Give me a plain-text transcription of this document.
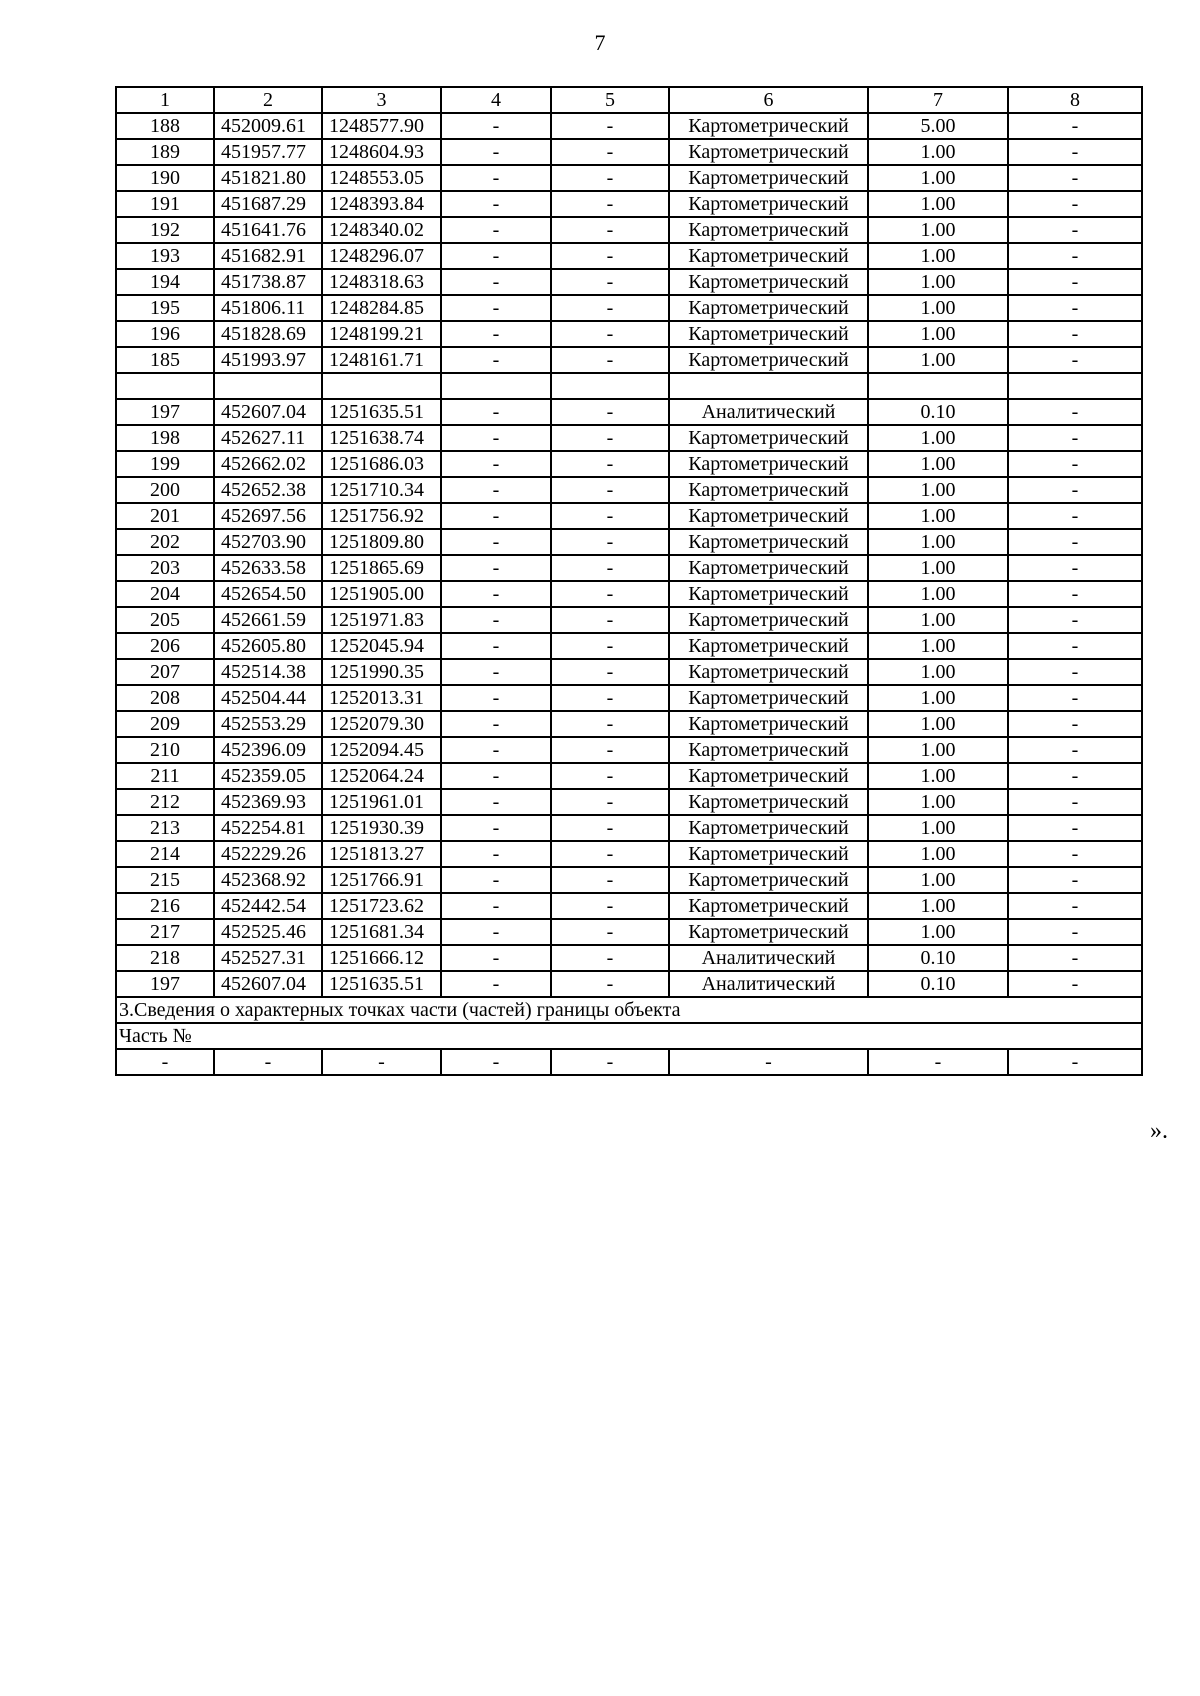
7
1	2	3	4	5	6	7	8
188	452009.61	1248577.90	-	-	Картометрический	5.00	-
189	451957.77	1248604.93	-	-	Картометрический	1.00	-
190	451821.80	1248553.05	-	-	Картометрический	1.00	-
191	451687.29	1248393.84	-	-	Картометрический	1.00	-
192	451641.76	1248340.02	-	-	Картометрический	1.00	-
193	451682.91	1248296.07	-	-	Картометрический	1.00	-
194	451738.87	1248318.63	-	-	Картометрический	1.00	-
195	451806.11	1248284.85	-	-	Картометрический	1.00	-
196	451828.69	1248199.21	-	-	Картометрический	1.00	-
185	451993.97	1248161.71	-	-	Картометрический	1.00	-

197	452607.04	1251635.51	-	-	Аналитический	0.10	-
198	452627.11	1251638.74	-	-	Картометрический	1.00	-
199	452662.02	1251686.03	-	-	Картометрический	1.00	-
200	452652.38	1251710.34	-	-	Картометрический	1.00	-
201	452697.56	1251756.92	-	-	Картометрический	1.00	-
202	452703.90	1251809.80	-	-	Картометрический	1.00	-
203	452633.58	1251865.69	-	-	Картометрический	1.00	-
204	452654.50	1251905.00	-	-	Картометрический	1.00	-
205	452661.59	1251971.83	-	-	Картометрический	1.00	-
206	452605.80	1252045.94	-	-	Картометрический	1.00	-
207	452514.38	1251990.35	-	-	Картометрический	1.00	-
208	452504.44	1252013.31	-	-	Картометрический	1.00	-
209	452553.29	1252079.30	-	-	Картометрический	1.00	-
210	452396.09	1252094.45	-	-	Картометрический	1.00	-
211	452359.05	1252064.24	-	-	Картометрический	1.00	-
212	452369.93	1251961.01	-	-	Картометрический	1.00	-
213	452254.81	1251930.39	-	-	Картометрический	1.00	-
214	452229.26	1251813.27	-	-	Картометрический	1.00	-
215	452368.92	1251766.91	-	-	Картометрический	1.00	-
216	452442.54	1251723.62	-	-	Картометрический	1.00	-
217	452525.46	1251681.34	-	-	Картометрический	1.00	-
218	452527.31	1251666.12	-	-	Аналитический	0.10	-
197	452607.04	1251635.51	-	-	Аналитический	0.10	-
3.Сведения о характерных точках части (частей) границы объекта							
Часть №							
-	-	-	-	-	-	-	-
».
